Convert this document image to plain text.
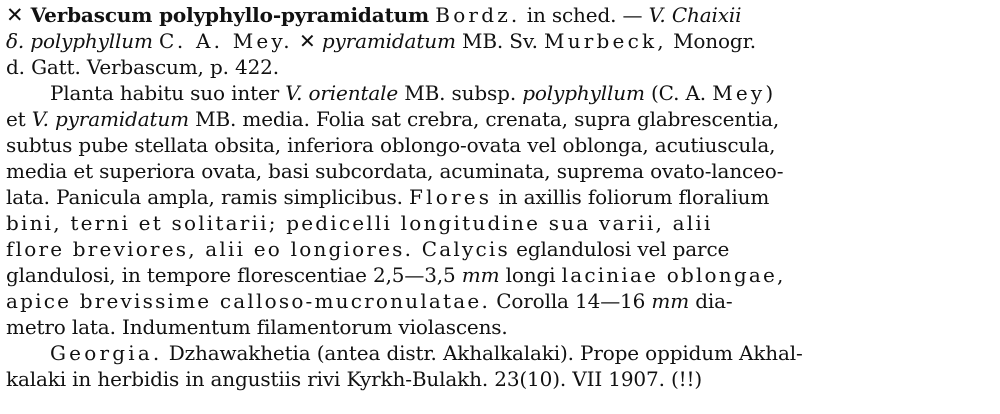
✕ Verbascum polyphyllo-pyramidatum Bordz. in sched. — V. Chaixii
δ. polyphyllum C. A. Mey. ✕ pyramidatum MB. Sv. Murbeck, Monogr.
d. Gatt. Verbascum, p. 422.
Planta habitu suo inter V. orientale MB. subsp. polyphyllum (C. A. Mey)
et V. pyramidatum MB. media. Folia sat crebra, crenata, supra glabrescentia,
subtus pube stellata obsita, inferiora oblongo-ovata vel oblonga, acutiuscula,
media et superiora ovata, basi subcordata, acuminata, suprema ovato-lanceo-
lata. Panicula ampla, ramis simplicibus. Flores in axillis foliorum floralium
bini, terni et solitarii; pedicelli longitudine sua varii, alii
flore breviores, alii eo longiores. Calycis eglandulosi vel parce
glandulosi, in tempore florescentiae 2,5—3,5 mm longi laciniae oblongae,
apice brevissime calloso-mucronulatae. Corolla 14—16 mm dia-
metro lata. Indumentum filamentorum violascens.
Georgia. Dzhawakhetia (antea distr. Akhalkalaki). Prope oppidum Akhal-
kalaki in herbidis in angustiis rivi Kyrkh-Bulakh. 23(10). VII 1907. (!!)
